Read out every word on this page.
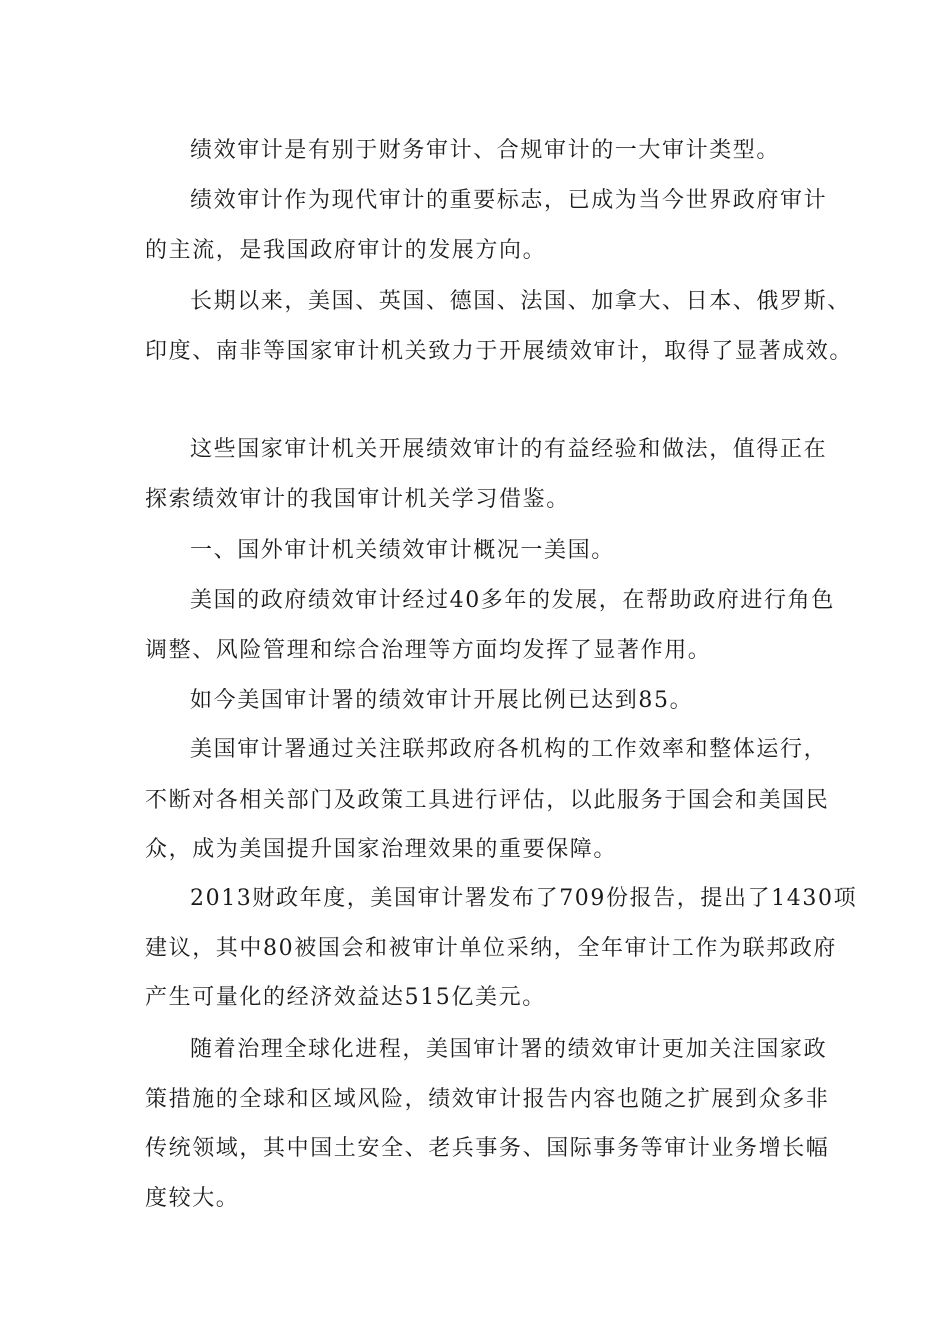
绩效审计是有别于财务审计、合规审计的一大审计类型。
绩效审计作为现代审计的重要标志，已成为当今世界政府审计
的主流，是我国政府审计的发展方向。
长期以来，美国、英国、德国、法国、加拿大、日本、俄罗斯、
印度、南非等国家审计机关致力于开展绩效审计，取得了显著成效。
这些国家审计机关开展绩效审计的有益经验和做法，值得正在
探索绩效审计的我国审计机关学习借鉴。
一、国外审计机关绩效审计概况一美国。
美国的政府绩效审计经过40多年的发展，在帮助政府进行角色
调整、风险管理和综合治理等方面均发挥了显著作用。
如今美国审计署的绩效审计开展比例已达到85。
美国审计署通过关注联邦政府各机构的工作效率和整体运行，
不断对各相关部门及政策工具进行评估，以此服务于国会和美国民
众，成为美国提升国家治理效果的重要保障。
2013财政年度，美国审计署发布了709份报告，提出了1430项
建议，其中80被国会和被审计单位采纳，全年审计工作为联邦政府
产生可量化的经济效益达515亿美元。
随着治理全球化进程，美国审计署的绩效审计更加关注国家政
策措施的全球和区域风险，绩效审计报告内容也随之扩展到众多非
传统领域，其中国土安全、老兵事务、国际事务等审计业务增长幅
度较大。
